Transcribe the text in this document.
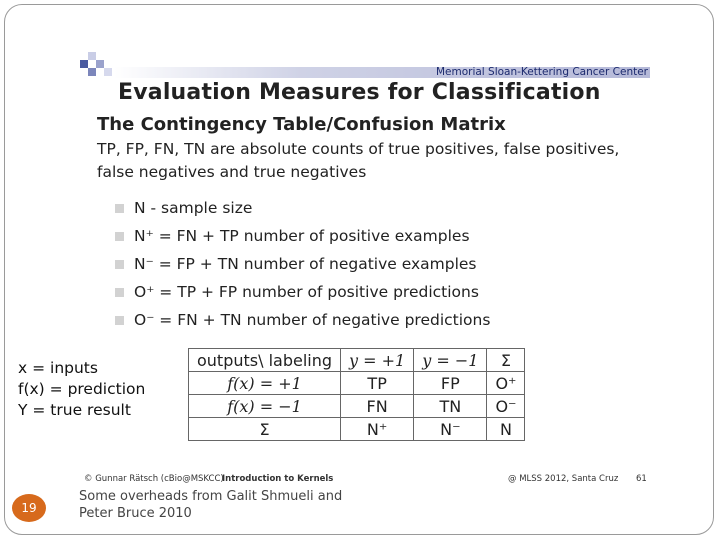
Memorial Sloan-Kettering Cancer Center
Evaluation Measures for Classification
The Contingency Table/Confusion Matrix
TP, FP, FN, TN are absolute counts of true positives, false positives, false negatives and true negatives
N - sample size
N⁺ = FN + TP number of positive examples
N⁻ = FP + TN number of negative examples
O⁺ = TP + FP number of positive predictions
O⁻ = FN + TN number of negative predictions
outputs\ labeling	y = +1	y = −1	Σ
f(x) = +1	TP	FP	O⁺
f(x) = −1	FN	TN	O⁻
Σ	N⁺	N⁻	N
© Gunnar Rätsch (cBio@MSKCC)
Introduction to Kernels	@ MLSS 2012, Santa Cruz 61
x = inputs
f(x) = prediction
Y = true result
19
Some overheads from Galit Shmueli and Peter Bruce 2010
